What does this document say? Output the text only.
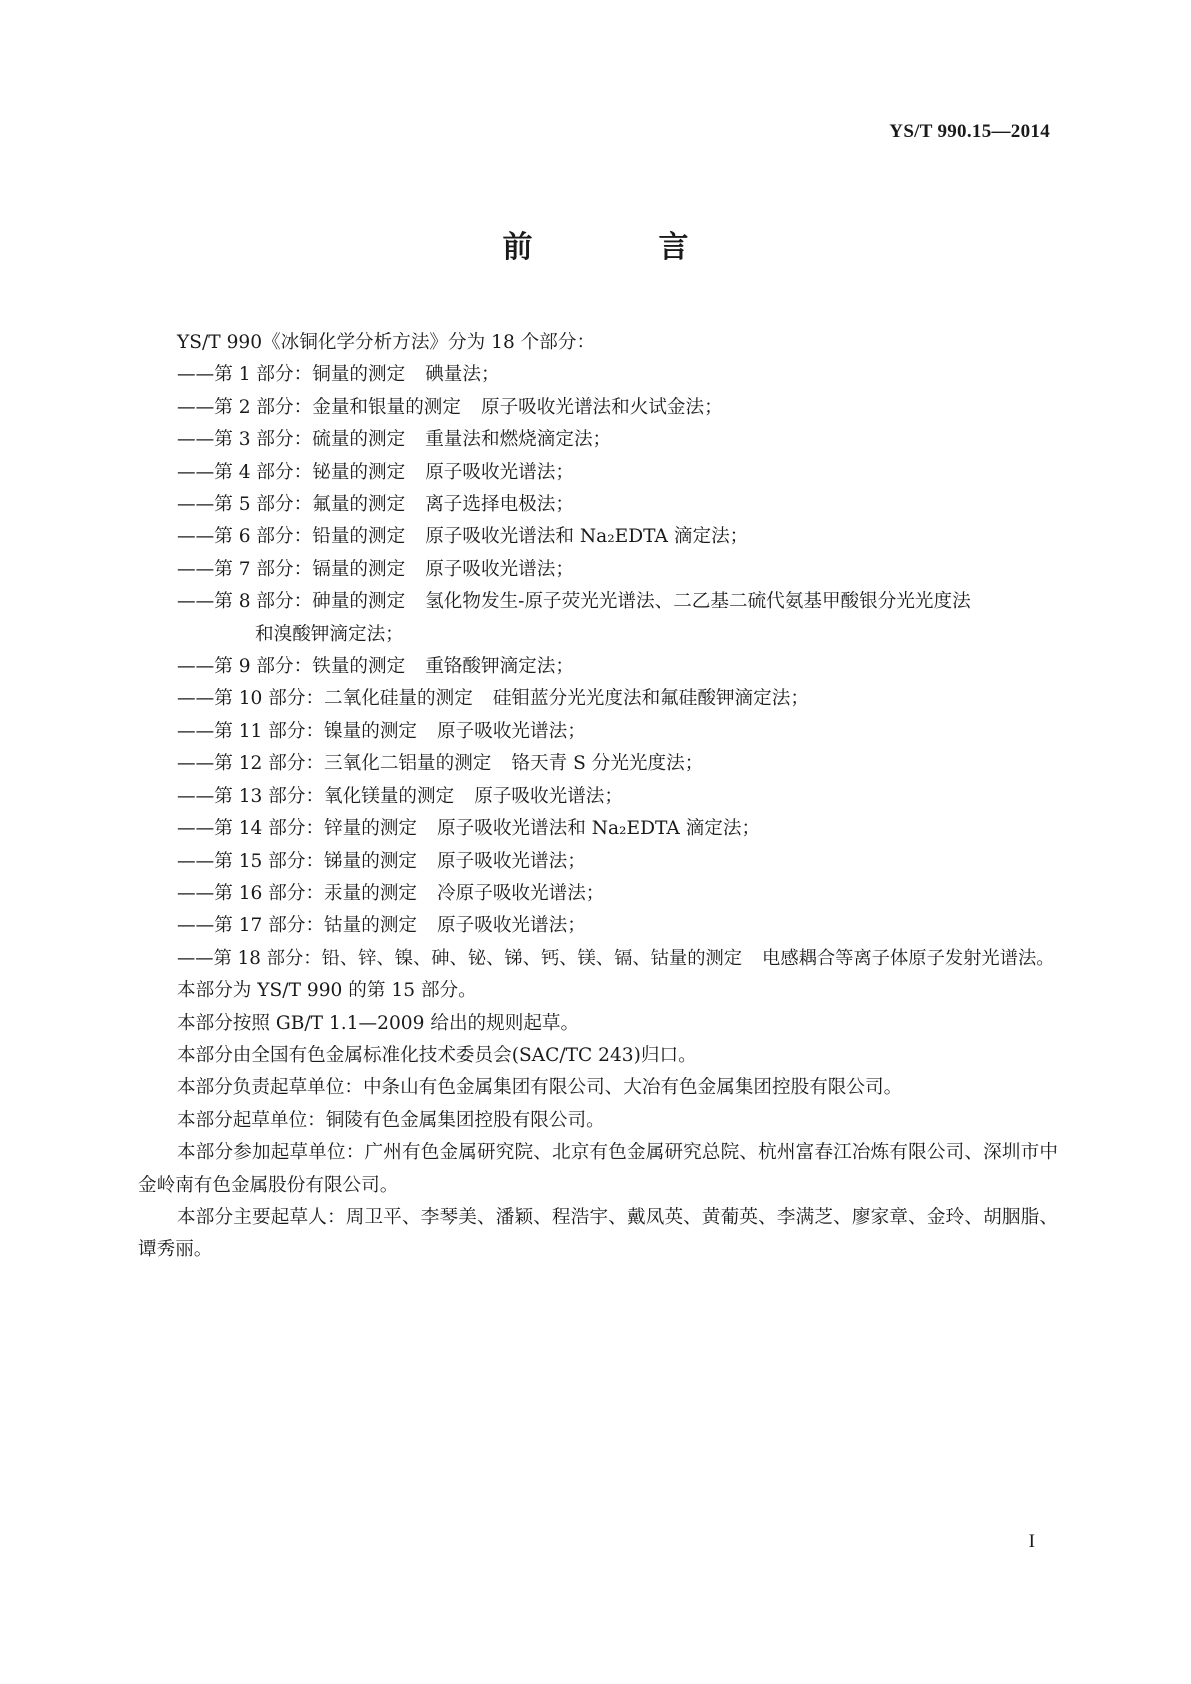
YS/T 990.15—2014
前　言

YS/T 990《冰铜化学分析方法》分为 18 个部分：

——第 1 部分：铜量的测定 碘量法；

——第 2 部分：金量和银量的测定 原子吸收光谱法和火试金法；

——第 3 部分：硫量的测定 重量法和燃烧滴定法；

——第 4 部分：铋量的测定 原子吸收光谱法；

——第 5 部分：氟量的测定 离子选择电极法；

——第 6 部分：铅量的测定 原子吸收光谱法和 Na₂EDTA 滴定法；

——第 7 部分：镉量的测定 原子吸收光谱法；

——第 8 部分：砷量的测定 氢化物发生-原子荧光光谱法、二乙基二硫代氨基甲酸银分光光度法
和溴酸钾滴定法；

——第 9 部分：铁量的测定 重铬酸钾滴定法；

——第 10 部分：二氧化硅量的测定 硅钼蓝分光光度法和氟硅酸钾滴定法；

——第 11 部分：镍量的测定 原子吸收光谱法；

——第 12 部分：三氧化二铝量的测定 铬天青 S 分光光度法；

——第 13 部分：氧化镁量的测定 原子吸收光谱法；

——第 14 部分：锌量的测定 原子吸收光谱法和 Na₂EDTA 滴定法；

——第 15 部分：锑量的测定 原子吸收光谱法；

——第 16 部分：汞量的测定 冷原子吸收光谱法；

——第 17 部分：钴量的测定 原子吸收光谱法；

——第 18 部分：铅、锌、镍、砷、铋、锑、钙、镁、镉、钴量的测定 电感耦合等离子体原子发射光谱法。

本部分为 YS/T 990 的第 15 部分。

本部分按照 GB/T 1.1—2009 给出的规则起草。

本部分由全国有色金属标准化技术委员会(SAC/TC 243)归口。

本部分负责起草单位：中条山有色金属集团有限公司、大冶有色金属集团控股有限公司。

本部分起草单位：铜陵有色金属集团控股有限公司。

本部分参加起草单位：广州有色金属研究院、北京有色金属研究总院、杭州富春江冶炼有限公司、深圳市中金岭南有色金属股份有限公司。

本部分主要起草人：周卫平、李琴美、潘颖、程浩宇、戴凤英、黄葡英、李满芝、廖家章、金玲、胡胭脂、谭秀丽。

I
